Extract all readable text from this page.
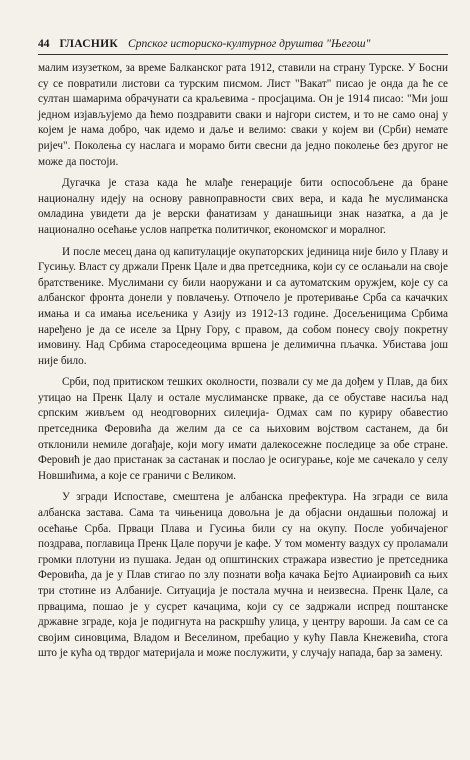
44 ГЛАСНИК Српског историско-културног друштва "Његош"

малим изузетком, за време Балканског рата 1912, ставили на страну Турске. У Босни су се повратили листови са турским писмом. Лист "Вакат" писао је онда да ће се султан шамарима обрачунати са краљевима - просјацима. Он је 1914 писао: "Ми још једном изјављујемо да ћемо поздравити сваки и најгори систем, и то не само онај у којем је нама добро, чак идемо и даље и велимо: сваки у којем ви (Срби) немате ријеч". Поколења су наслага и морамо бити свесни да једно поколење без другог не може да постоји.

Дугачка је стаза када ће млађе генерације бити оспособљене да бране националну идеју на основу равноправности свих вера, и када ће муслиманска омладина увидети да је верски фанатизам у данашњици знак назатка, а да је национално осећање услов напретка политичког, економског и моралног.

И после месец дана од капитулације окупаторских јединица није било у Плаву и Гусињу. Власт су држали Пренк Цале и два претседника, који су се ослањали на своје братственике. Муслимани су били наоружани и са аутоматским оружјем, које су са албанског фронта донели у повлачењу. Отпочело је протеривање Срба са качачких имања и са имања исељеника у Азију из 1912-13 године. Досељеницима Србима наређено је да се иселе за Црну Гору, с правом, да собом понесу своју покретну имовину. Над Србима староседеоцима вршена је делимична пљачка. Убистава још није било.

Срби, под притиском тешких околности, позвали су ме да дођем у Плав, да бих утицао на Пренк Цалу и остале муслиманске прваке, да се обуставе насиља над српским живљем од неодговорних силеџија- Одмах сам по куриру обавестио претседника Феровића да желим да се са њиховим војством састанем, да би отклонили немиле догађаје, који могу имати далекосежне последице за обе стране. Феровић је дао пристанак за састанак и послао је осигурање, које ме сачекало у селу Новшићима, а које се граничи с Великом.

У згради Испоставе, смештена је албанска префектура. На згради се вила албанска застава. Сама та чињеница довољна је да објасни ондашњи положај и осећање Срба. Прваци Плава и Гусиња били су на окупу. После уобичајеног поздрава, поглавица Пренк Цале поручи је кафе. У том моменту ваздух су проламали громки плотуни из пушака. Један од општинских стражара известио је претседника Феровића, да је у Плав стигао по злу познати вођа качака Бејто Аџиаировић са њих три стотине из Албаније. Ситуација је постала мучна и неизвесна. Пренк Цале, са првацима, пошао је у сусрет качацима, који су се задржали испред поштанске државне зграде, која је подигнута на раскршћу улица, у центру вароши. Ја сам се са својим синовцима, Владом и Веселином, пребацио у кућу Павла Кнежевића, стога што је кућа од тврдог материјала и може послужити, у случају напада, бар за замену.
